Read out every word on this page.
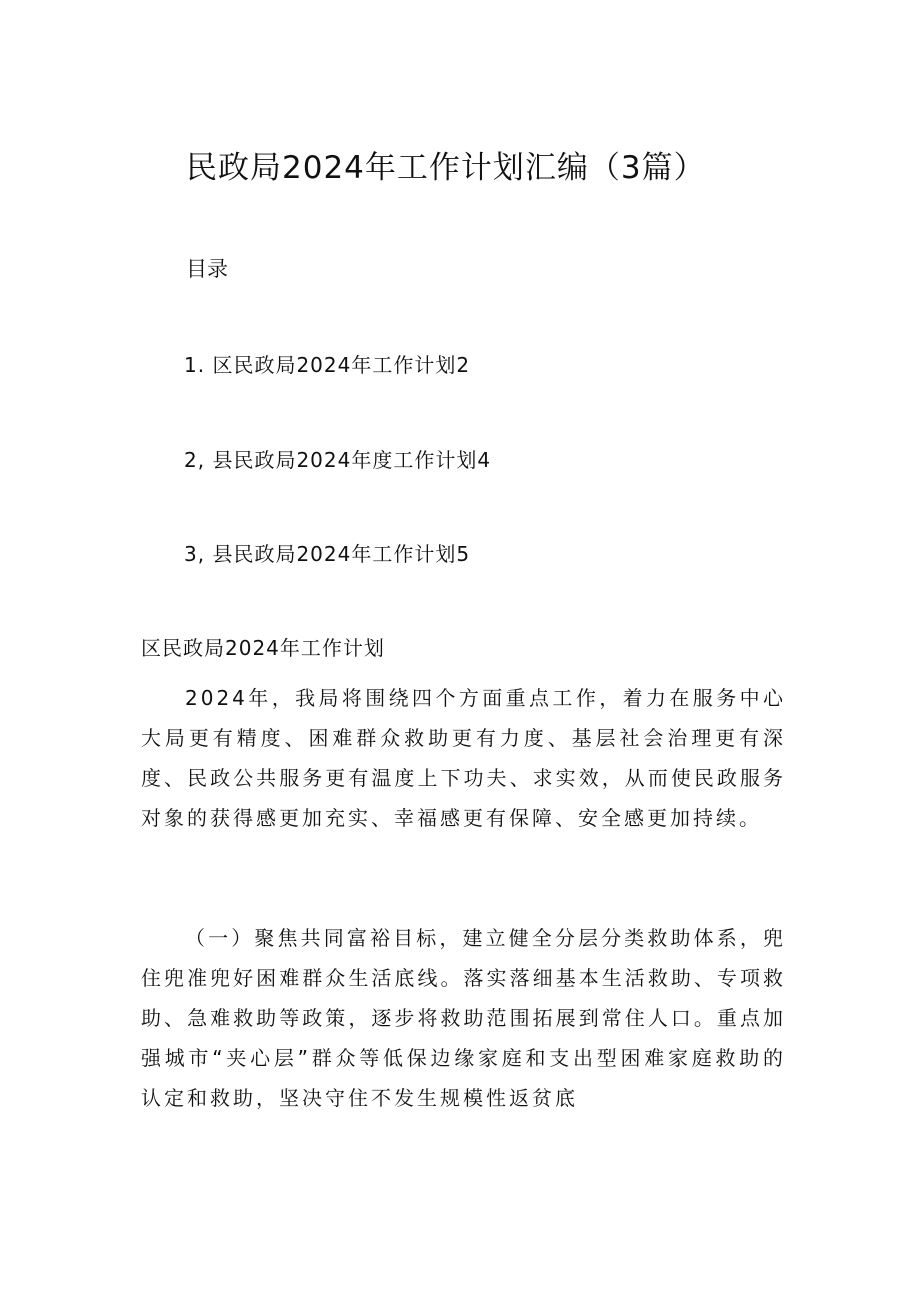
民政局2024年工作计划汇编（3篇）
目录
1. 区民政局2024年工作计划2
2, 县民政局2024年度工作计划4
3, 县民政局2024年工作计划5
区民政局2024年工作计划

2024年，我局将围绕四个方面重点工作，着力在服务中心大局更有精度、困难群众救助更有力度、基层社会治理更有深度、民政公共服务更有温度上下功夫、求实效，从而使民政服务对象的获得感更加充实、幸福感更有保障、安全感更加持续。

（一）聚焦共同富裕目标，建立健全分层分类救助体系，兜住兜准兜好困难群众生活底线。落实落细基本生活救助、专项救助、急难救助等政策，逐步将救助范围拓展到常住人口。重点加强城市“夹心层”群众等低保边缘家庭和支出型困难家庭救助的认定和救助，坚决守住不发生规模性返贫底
